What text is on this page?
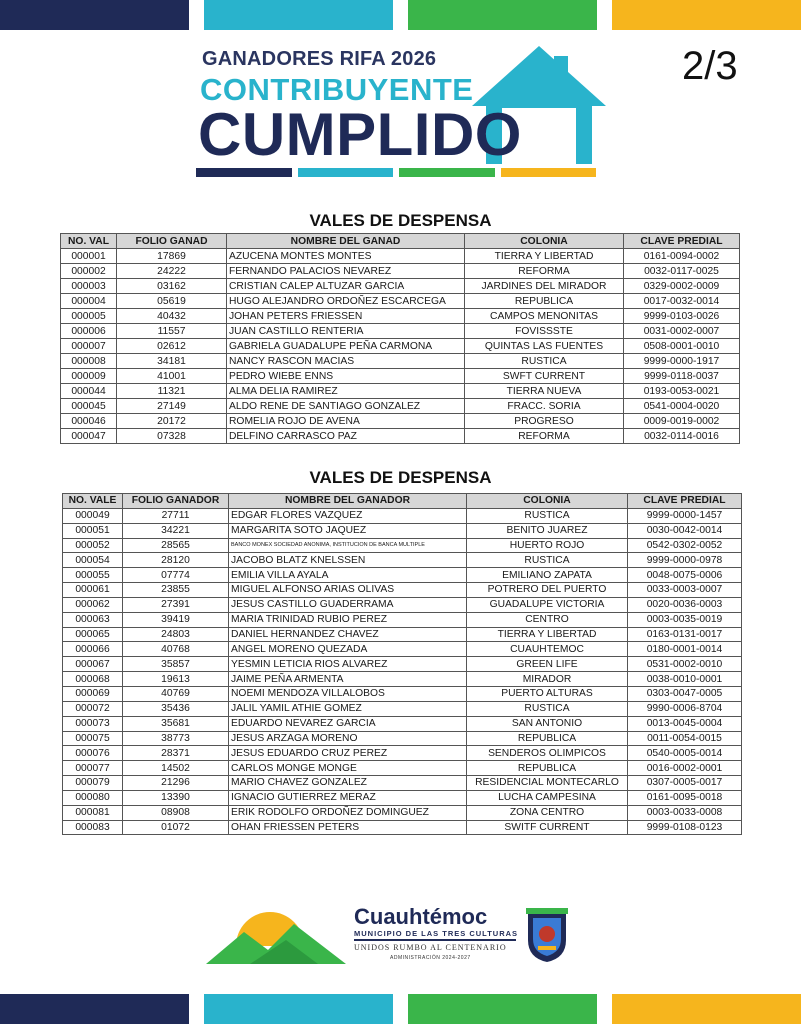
GANADORES RIFA 2026
CONTRIBUYENTE
CUMPLIDO
2/3
VALES DE DESPENSA
NO. VAL	FOLIO GANAD	NOMBRE DEL GANAD	COLONIA	CLAVE PREDIAL
000001	17869	AZUCENA MONTES MONTES	TIERRA Y LIBERTAD	0161-0094-0002
000002	24222	FERNANDO PALACIOS NEVAREZ	REFORMA	0032-0117-0025
000003	03162	CRISTIAN CALEP ALTUZAR GARCIA	JARDINES DEL MIRADOR	0329-0002-0009
000004	05619	HUGO ALEJANDRO ORDOÑEZ ESCARCEGA	REPUBLICA	0017-0032-0014
000005	40432	JOHAN PETERS FRIESSEN	CAMPOS MENONITAS	9999-0103-0026
000006	11557	JUAN CASTILLO RENTERIA	FOVISSSTE	0031-0002-0007
000007	02612	GABRIELA GUADALUPE PEÑA CARMONA	QUINTAS LAS FUENTES	0508-0001-0010
000008	34181	NANCY RASCON MACIAS	RUSTICA	9999-0000-1917
000009	41001	PEDRO WIEBE ENNS	SWFT CURRENT	9999-0118-0037
000044	11321	ALMA DELIA RAMIREZ	TIERRA NUEVA	0193-0053-0021
000045	27149	ALDO RENE DE SANTIAGO GONZALEZ	FRACC. SORIA	0541-0004-0020
000046	20172	ROMELIA ROJO DE AVENA	PROGRESO	0009-0019-0002
000047	07328	DELFINO CARRASCO PAZ	REFORMA	0032-0114-0016
VALES DE DESPENSA
NO. VALE	FOLIO GANADOR	NOMBRE DEL GANADOR	COLONIA	CLAVE PREDIAL
000049	27711	EDGAR FLORES VAZQUEZ	RUSTICA	9999-0000-1457
000051	34221	MARGARITA SOTO JAQUEZ	BENITO JUAREZ	0030-0042-0014
000052	28565	BANCO MONEX SOCIEDAD ANONIMA, INSTITUCION DE BANCA MULTIPLE	HUERTO ROJO	0542-0302-0052
000054	28120	JACOBO BLATZ KNELSSEN	RUSTICA	9999-0000-0978
000055	07774	EMILIA VILLA AYALA	EMILIANO ZAPATA	0048-0075-0006
000061	23855	MIGUEL ALFONSO ARIAS OLIVAS	POTRERO DEL PUERTO	0033-0003-0007
000062	27391	JESUS CASTILLO GUADERRAMA	GUADALUPE VICTORIA	0020-0036-0003
000063	39419	MARIA TRINIDAD RUBIO PEREZ	CENTRO	0003-0035-0019
000065	24803	DANIEL HERNANDEZ CHAVEZ	TIERRA Y LIBERTAD	0163-0131-0017
000066	40768	ANGEL MORENO QUEZADA	CUAUHTEMOC	0180-0001-0014
000067	35857	YESMIN LETICIA RIOS ALVAREZ	GREEN LIFE	0531-0002-0010
000068	19613	JAIME PEÑA ARMENTA	MIRADOR	0038-0010-0001
000069	40769	NOEMI MENDOZA VILLALOBOS	PUERTO ALTURAS	0303-0047-0005
000072	35436	JALIL YAMIL ATHIE GOMEZ	RUSTICA	9990-0006-8704
000073	35681	EDUARDO NEVAREZ GARCIA	SAN ANTONIO	0013-0045-0004
000075	38773	JESUS ARZAGA MORENO	REPUBLICA	0011-0054-0015
000076	28371	JESUS EDUARDO CRUZ PEREZ	SENDEROS OLIMPICOS	0540-0005-0014
000077	14502	CARLOS MONGE MONGE	REPUBLICA	0016-0002-0001
000079	21296	MARIO CHAVEZ GONZALEZ	RESIDENCIAL MONTECARLO	0307-0005-0017
000080	13390	IGNACIO GUTIERREZ MERAZ	LUCHA CAMPESINA	0161-0095-0018
000081	08908	ERIK RODOLFO ORDOÑEZ DOMINGUEZ	ZONA CENTRO	0003-0033-0008
000083	01072	OHAN FRIESSEN PETERS	SWITF CURRENT	9999-0108-0123
Cuauhtémoc
MUNICIPIO DE LAS TRES CULTURAS
UNIDOS RUMBO AL CENTENARIO
ADMINISTRACIÓN 2024-2027
